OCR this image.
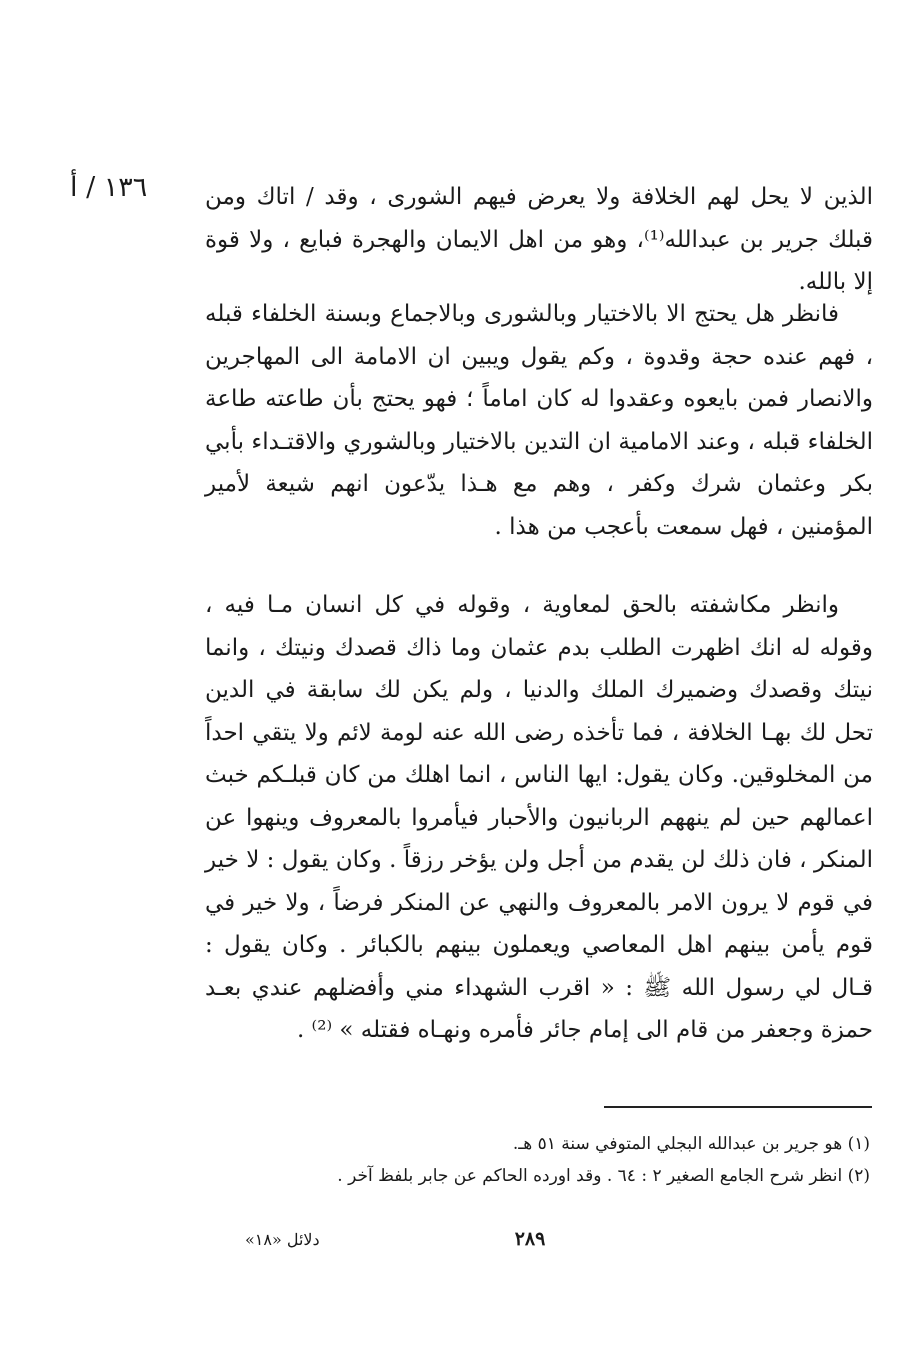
١٣٦ / أ	الذين لا يحل لهم الخلافة ولا يعرض فيهم الشورى ، وقد / اتاك ومن قبلك جرير بن عبدالله⁽¹⁾، وهو من اهل الايمان والهجرة فبايع ، ولا قوة إلا بالله.

فانظر هل يحتج الا بالاختيار وبالشورى وبالاجماع وبسنة الخلفاء قبله ، فهم عنده حجة وقدوة ، وكم يقول ويبين ان الامامة الى المهاجرين والانصار فمن بايعوه وعقدوا له كان اماماً ؛ فهو يحتج بأن طاعته طاعة الخلفاء قبله ، وعند الامامية ان التدين بالاختيار وبالشوري والاقتـداء بأبي بكر وعثمان شرك وكفر ، وهم مع هـذا يدّعون انهم شيعة لأمير المؤمنين ، فهل سمعت بأعجب من هذا .

وانظر مكاشفته بالحق لمعاوية ، وقوله في كل انسان مـا فيه ، وقوله له انك اظهرت الطلب بدم عثمان وما ذاك قصدك ونيتك ، وانما نيتك وقصدك وضميرك الملك والدنيا ، ولم يكن لك سابقة في الدين تحل لك بهـا الخلافة ، فما تأخذه رضى الله عنه لومة لائم ولا يتقي احداً من المخلوقين. وكان يقول: ايها الناس ، انما اهلك من كان قبلـكم خبث اعمالهم حين لم ينههم الربانيون والأحبار فيأمروا بالمعروف وينهوا عن المنكر ، فان ذلك لن يقدم من أجل ولن يؤخر رزقاً . وكان يقول : لا خير في قوم لا يرون الامر بالمعروف والنهي عن المنكر فرضاً ، ولا خير في قوم يأمن بينهم اهل المعاصي ويعملون بينهم بالكبائر . وكان يقول : قـال لي رسول الله ﷺ : « اقرب الشهداء مني وأفضلهم عندي بعـد حمزة وجعفر من قام الى إمام جائر فأمره ونهـاه فقتله » ⁽²⁾ .

(١) هو جرير بن عبدالله البجلي المتوفي سنة ٥١ هـ.

(٢) انظر شرح الجامع الصغير ٢ : ٦٤ . وقد اورده الحاكم عن جابر بلفظ آخر .

٢٨٩
دلائل «١٨»
